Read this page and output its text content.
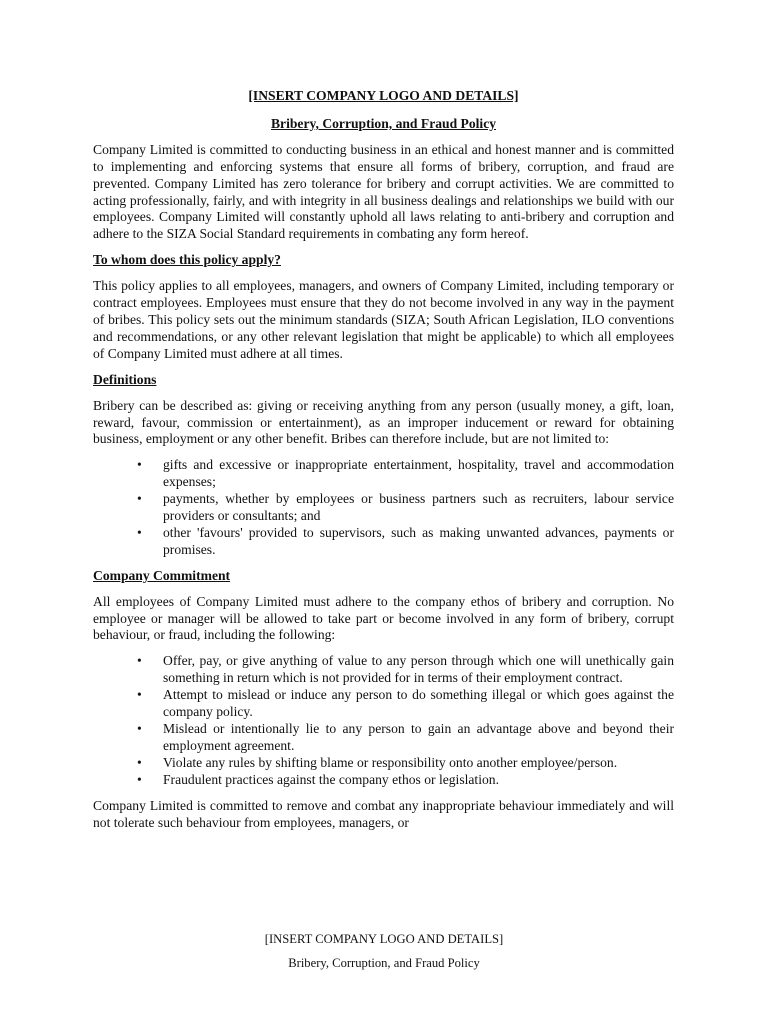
[INSERT COMPANY LOGO AND DETAILS]
Bribery, Corruption, and Fraud Policy

Company Limited is committed to conducting business in an ethical and honest manner and is committed to implementing and enforcing systems that ensure all forms of bribery, corruption, and fraud are prevented. Company Limited has zero tolerance for bribery and corrupt activities. We are committed to acting professionally, fairly, and with integrity in all business dealings and relationships we build with our employees. Company Limited will constantly uphold all laws relating to anti-bribery and corruption and adhere to the SIZA Social Standard requirements in combating any form hereof.

To whom does this policy apply?

This policy applies to all employees, managers, and owners of Company Limited, including temporary or contract employees. Employees must ensure that they do not become involved in any way in the payment of bribes. This policy sets out the minimum standards (SIZA; South African Legislation, ILO conventions and recommendations, or any other relevant legislation that might be applicable) to which all employees of Company Limited must adhere at all times.

Definitions

Bribery can be described as: giving or receiving anything from any person (usually money, a gift, loan, reward, favour, commission or entertainment), as an improper inducement or reward for obtaining business, employment or any other benefit. Bribes can therefore include, but are not limited to:

• gifts and excessive or inappropriate entertainment, hospitality, travel and accommodation expenses;
• payments, whether by employees or business partners such as recruiters, labour service providers or consultants; and
• other 'favours' provided to supervisors, such as making unwanted advances, payments or promises.
Company Commitment

All employees of Company Limited must adhere to the company ethos of bribery and corruption. No employee or manager will be allowed to take part or become involved in any form of bribery, corrupt behaviour, or fraud, including the following:

• Offer, pay, or give anything of value to any person through which one will unethically gain something in return which is not provided for in terms of their employment contract.
• Attempt to mislead or induce any person to do something illegal or which goes against the company policy.
• Mislead or intentionally lie to any person to gain an advantage above and beyond their employment agreement.
• Violate any rules by shifting blame or responsibility onto another employee/person.
• Fraudulent practices against the company ethos or legislation.

Company Limited is committed to remove and combat any inappropriate behaviour immediately and will not tolerate such behaviour from employees, managers, or

[INSERT COMPANY LOGO AND DETAILS]
Bribery, Corruption, and Fraud Policy
